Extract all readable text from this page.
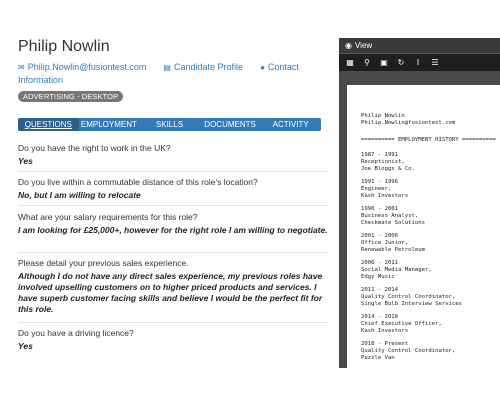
Philip Nowlin
✉ Philip.Nowlin@fusiontest.com ▤ Candidate Profile ● Contact Information
ADVERTISING - DESKTOP
QUESTIONS	EMPLOYMENT	SKILLS	DOCUMENTS	ACTIVITY
Do you have the right to work in the UK?
Yes
Do you live within a commutable distance of this role's location?
No, but I am willing to relocate
What are your salary requirements for this role?
I am looking for £25,000+, however for the right role I am willing to negotiate.
Please detail your previous sales experience.
Although I do not have any direct sales experience, my previous roles have involved upselling customers on to higher priced products and services. I have superb customer facing skills and believe I would be the perfect fit for this role.
Do you have a driving licence?
Yes
◉ View
▦ ⚲ ▣ ↻	I	☰
Philip Nowlin
Philip.Nowlin@fusiontest.com
========== EMPLOYMENT HISTORY ==========
1987 - 1991
Receptionist,
Joe Bloggs & Co.
1991 - 1996
Engineer,
Kash Investors
1996 - 2001
Business Analyst,
Checkmate Solutions
2001 - 2006
Office Junior,
Renewable Petroleum
2006 - 2011
Social Media Manager,
Edgy Music
2011 - 2014
Quality Control Coordinator,
Single Bulb Interview Services
2014 - 2018
Chief Executive Officer,
Kash Investors
2018 - Present
Quality Control Coordinator,
Puzzle Van
